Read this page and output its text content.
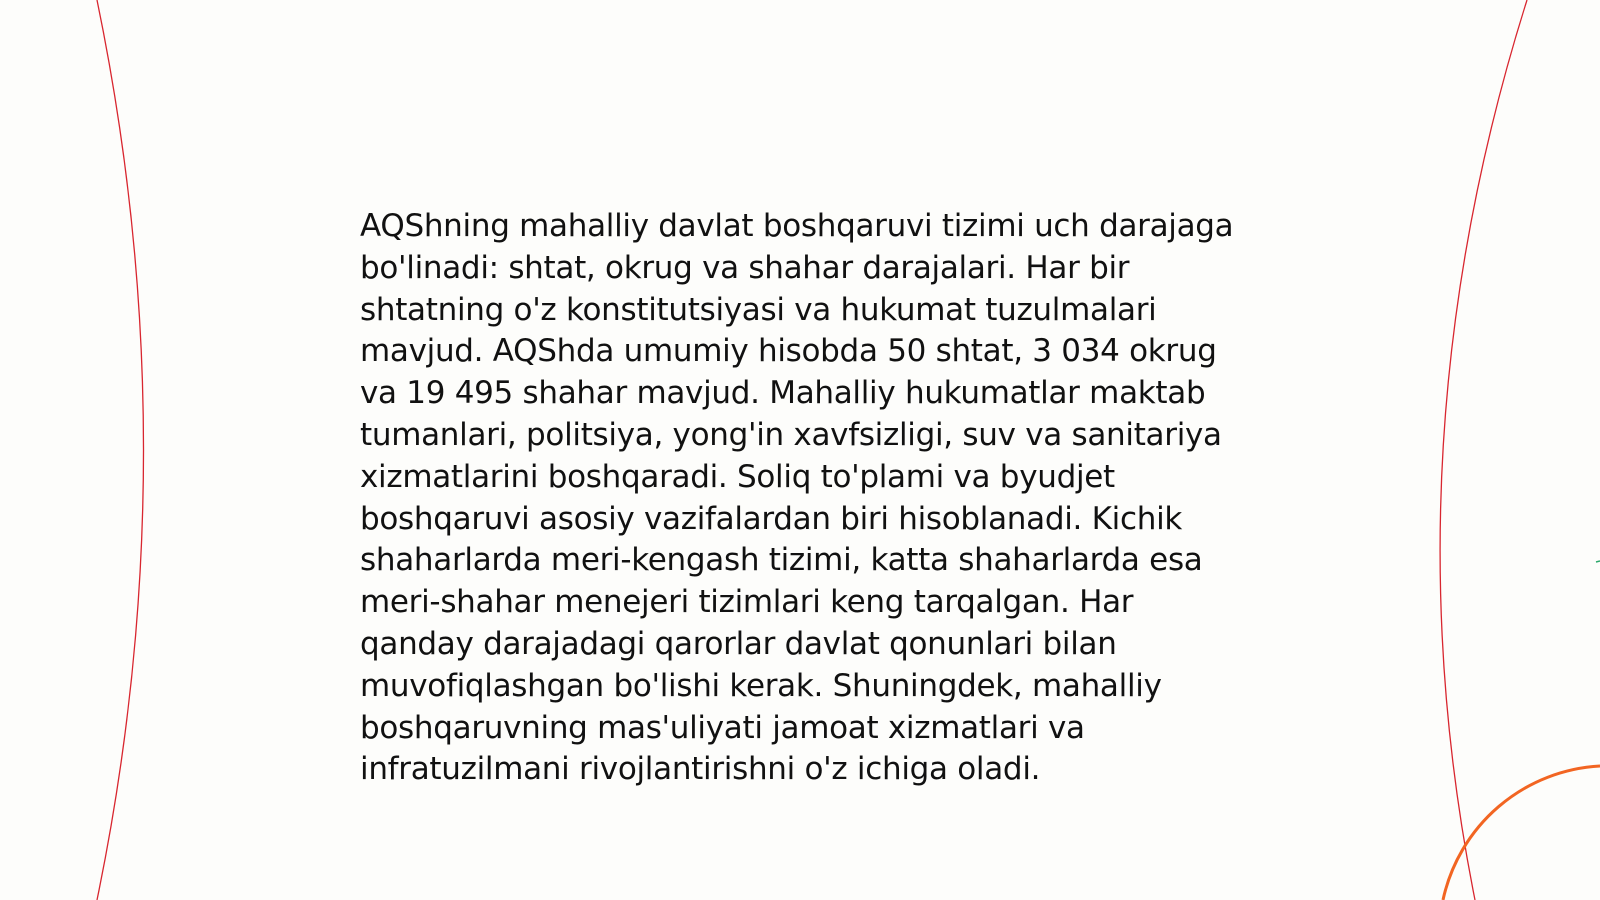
AQShning mahalliy davlat boshqaruvi tizimi uch darajaga bo'linadi: shtat, okrug va shahar darajalari. Har bir shtatning o'z konstitutsiyasi va hukumat tuzulmalari mavjud. AQShda umumiy hisobda 50 shtat, 3 034 okrug va 19 495 shahar mavjud. Mahalliy hukumatlar maktab tumanlari, politsiya, yong'in xavfsizligi, suv va sanitariya xizmatlarini boshqaradi. Soliq to'plami va byudjet boshqaruvi asosiy vazifalardan biri hisoblanadi. Kichik shaharlarda meri-kengash tizimi, katta shaharlarda esa meri-shahar menejeri tizimlari keng tarqalgan. Har qanday darajadagi qarorlar davlat qonunlari bilan muvofiqlashgan bo'lishi kerak. Shuningdek, mahalliy boshqaruvning mas'uliyati jamoat xizmatlari va infratuzilmani rivojlantirishni o'z ichiga oladi.
